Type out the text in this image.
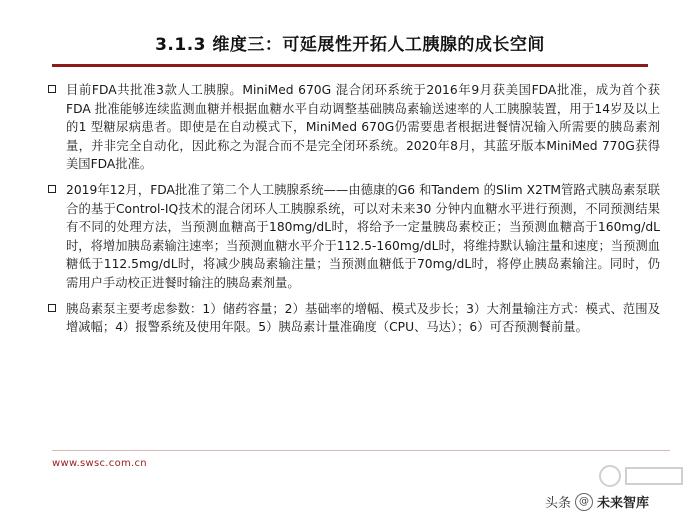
3.1.3 维度三：可延展性开拓人工胰腺的成长空间
目前FDA共批准3款人工胰腺。MiniMed 670G 混合闭环系统于2016年9月获美国FDA批准，成为首个获FDA 批准能够连续监测血糖并根据血糖水平自动调整基础胰岛素输送速率的人工胰腺装置，用于14岁及以上的1 型糖尿病患者。即使是在自动模式下，MiniMed 670G仍需要患者根据进餐情况输入所需要的胰岛素剂量，并非完全自动化，因此称之为混合而不是完全闭环系统。2020年8月，其蓝牙版本MiniMed 770G获得美国FDA批准。
2019年12月，FDA批准了第二个人工胰腺系统——由德康的G6 和Tandem 的Slim X2TM管路式胰岛素泵联合的基于Control-IQ技术的混合闭环人工胰腺系统，可以对未来30 分钟内血糖水平进行预测，不同预测结果有不同的处理方法，当预测血糖高于180mg/dL时，将给予一定量胰岛素校正；当预测血糖高于160mg/dL时，将增加胰岛素输注速率；当预测血糖水平介于112.5-160mg/dL时，将维持默认输注量和速度；当预测血糖低于112.5mg/dL时，将减少胰岛素输注量；当预测血糖低于70mg/dL时，将停止胰岛素输注。同时，仍需用户手动校正进餐时输注的胰岛素剂量。
胰岛素泵主要考虑参数：1）储药容量；2）基础率的增幅、模式及步长；3）大剂量输注方式：模式、范围及增减幅；4）报警系统及使用年限。5）胰岛素计量准确度（CPU、马达）；6）可否预测餐前量。
www.swsc.com.cn
头条 @ 未来智库
